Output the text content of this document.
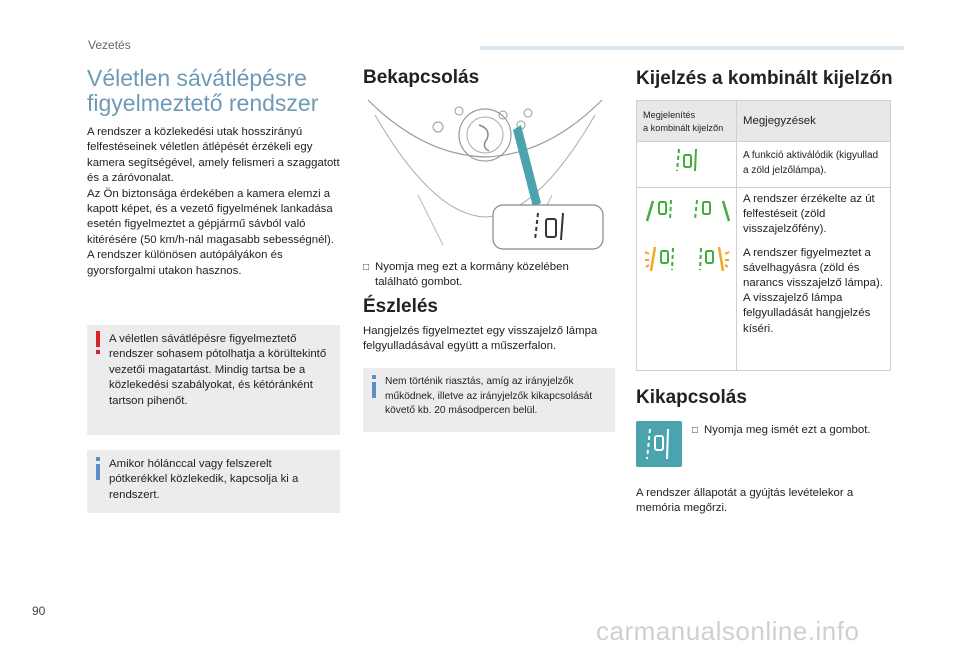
Vezetés
Véletlen sávátlépésre figyelmeztető rendszer
A rendszer a közlekedési utak hosszirányú felfestéseinek véletlen átlépését érzékeli egy kamera segítségével, amely felismeri a szaggatott és a záróvonalat.
Az Ön biztonsága érdekében a kamera elemzi a kapott képet, és a vezető figyelmének lankadása esetén figyelmeztet a gépjármű sávból való kitérésére (50 km/h-nál magasabb sebességnél).
A rendszer különösen autópályákon és gyorsforgalmi utakon hasznos.
A véletlen sávátlépésre figyelmeztető rendszer sohasem pótolhatja a körültekintő vezetői magatartást. Mindig tartsa be a közlekedési szabályokat, és kétóránként tartson pihenőt.
Amikor hólánccal vagy felszerelt pótkerékkel közlekedik, kapcsolja ki a rendszert.
Bekapcsolás
□ Nyomja meg ezt a kormány közelében található gombot.
Észlelés
Hangjelzés figyelmeztet egy visszajelző lámpa felgyulladásával együtt a műszerfalon.
Nem történik riasztás, amíg az irányjelzők működnek, illetve az irányjelzők kikapcsolását követő kb. 20 másodpercen belül.
Kijelzés a kombinált kijelzőn
Megjelenítés
a kombinált kijelzőn
Megjegyzések
A funkció aktiválódik (kigyullad a zöld jelzőlámpa).
A rendszer érzékelte az út felfestéseit (zöld visszajelzőfény).
A rendszer figyelmeztet a sávelhagyásra (zöld és narancs visszajelző lámpa).
A visszajelző lámpa felgyulladását hangjelzés kíséri.
Kikapcsolás
□ Nyomja meg ismét ezt a gombot.
A rendszer állapotát a gyújtás levételekor a memória megőrzi.
90
carmanualsonline.info
